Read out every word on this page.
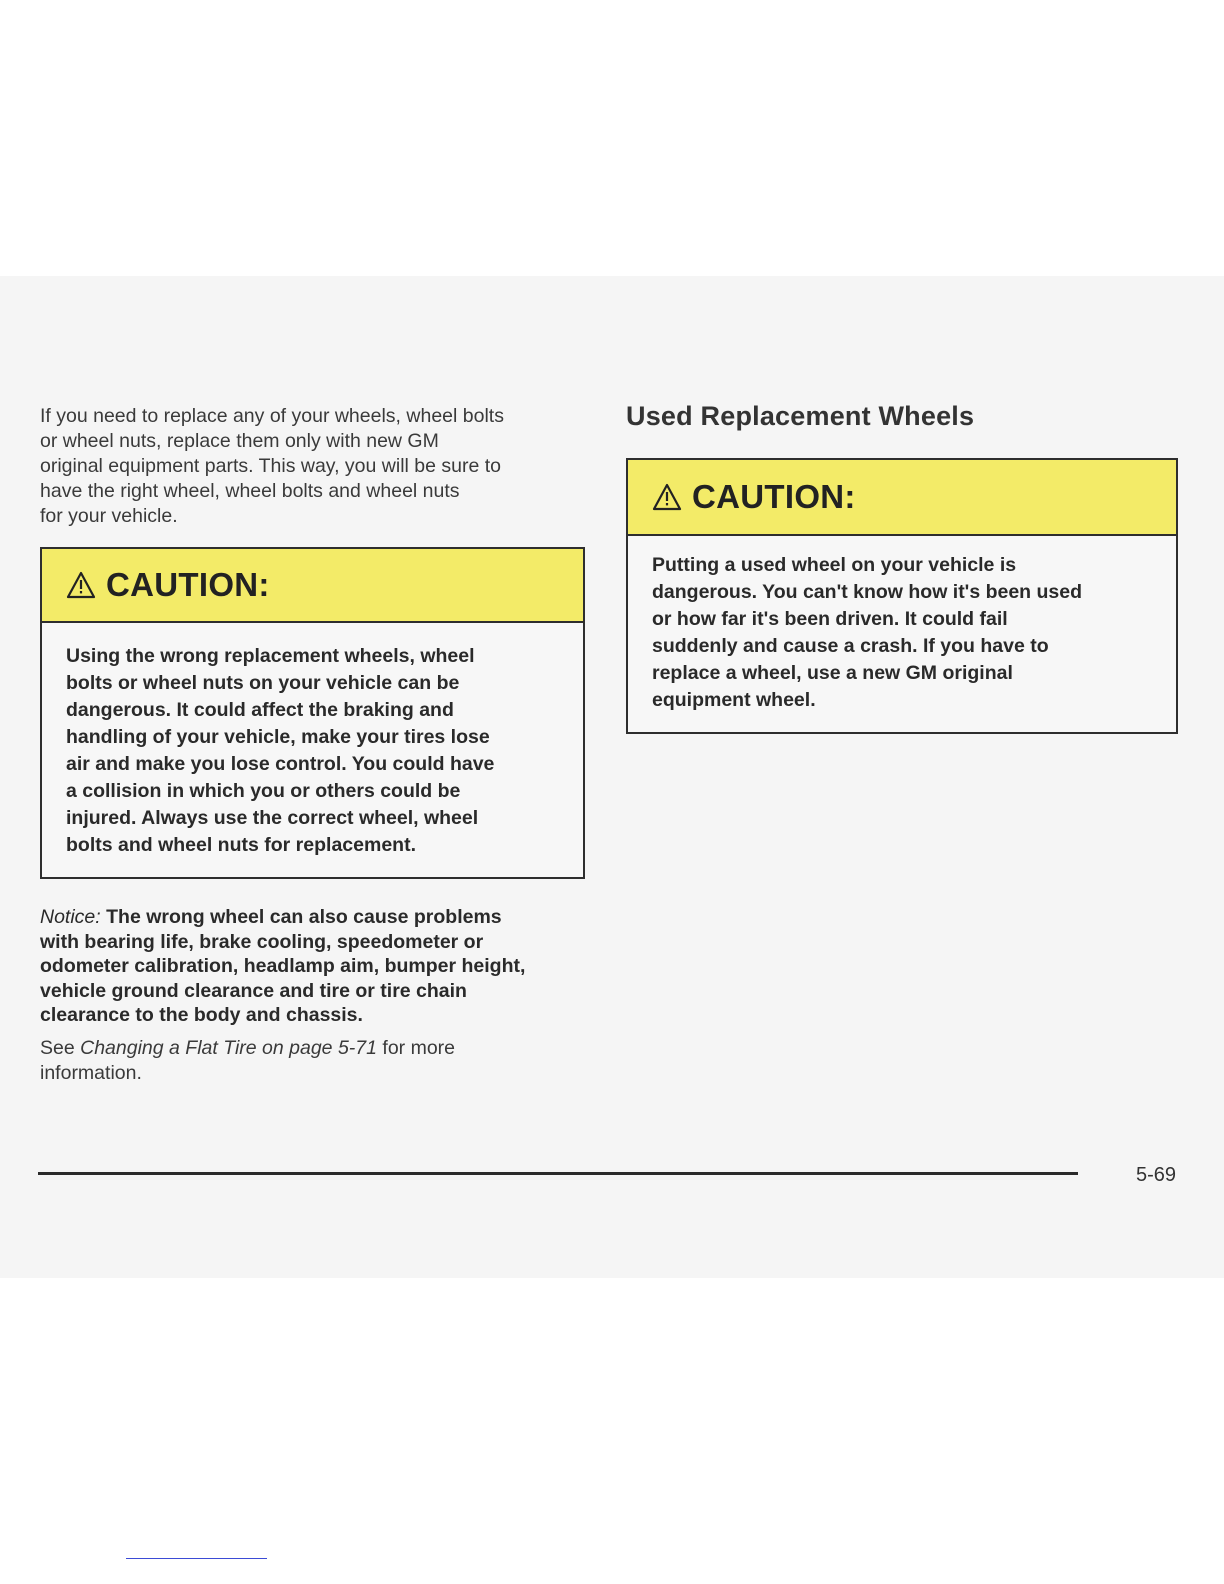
If you need to replace any of your wheels, wheel bolts
or wheel nuts, replace them only with new GM
original equipment parts. This way, you will be sure to
have the right wheel, wheel bolts and wheel nuts
for your vehicle.

CAUTION:

Using the wrong replacement wheels, wheel
bolts or wheel nuts on your vehicle can be
dangerous. It could affect the braking and
handling of your vehicle, make your tires lose
air and make you lose control. You could have
a collision in which you or others could be
injured. Always use the correct wheel, wheel
bolts and wheel nuts for replacement.

Notice: The wrong wheel can also cause problems
with bearing life, brake cooling, speedometer or
odometer calibration, headlamp aim, bumper height,
vehicle ground clearance and tire or tire chain
clearance to the body and chassis.

See Changing a Flat Tire on page 5-71 for more
information.

Used Replacement Wheels
CAUTION:

Putting a used wheel on your vehicle is
dangerous. You can't know how it's been used
or how far it's been driven. It could fail
suddenly and cause a crash. If you have to
replace a wheel, use a new GM original
equipment wheel.

5-69
